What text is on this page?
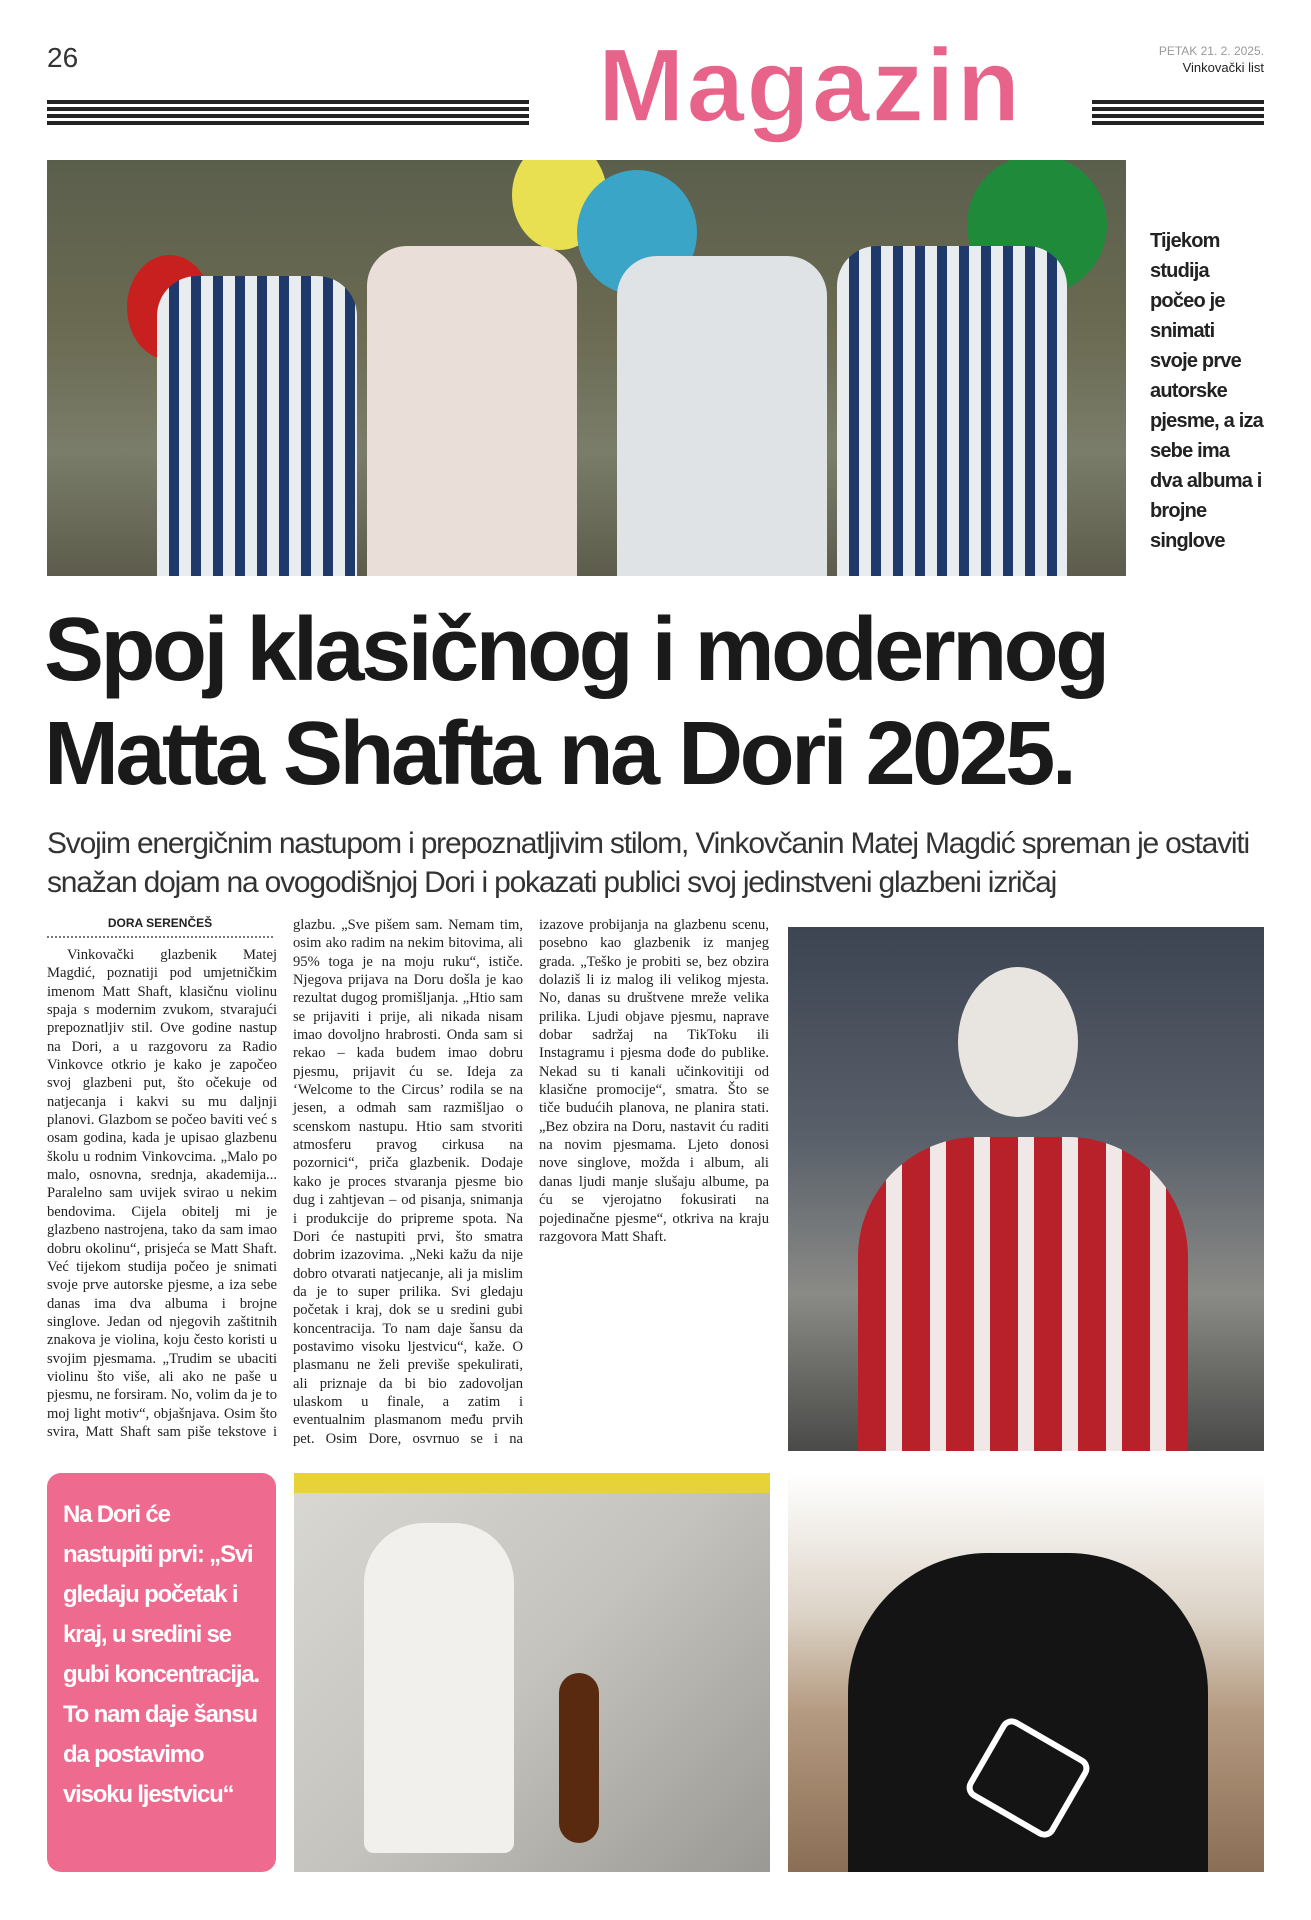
26	Magazin	PETAK 21. 2. 2025.
Vinkovački list
Tijekom studija počeo je snimati svoje prve autorske pjesme, a iza sebe ima dva albuma i brojne singlove
Spoj klasičnog i modernog Matta Shafta na Dori 2025.
Svojim energičnim nastupom i prepoznatljivim stilom, Vinkovčanin Matej Magdić spreman je ostaviti snažan dojam na ovogodišnjoj Dori i pokazati publici svoj jedinstveni glazbeni izričaj
DORA SERENČEŠ

Vinkovački glazbenik Matej Magdić, poznatiji pod umjetničkim imenom Matt Shaft, klasičnu violinu spaja s modernim zvukom, stvarajući prepoznatljiv stil. Ove godine nastup na Dori, a u razgovoru za Radio Vinkovce otkrio je kako je započeo svoj glazbeni put, što očekuje od natjecanja i kakvi su mu daljnji planovi. Glazbom se počeo baviti već s osam godina, kada je upisao glazbenu školu u rodnim Vinkovcima. „Malo po malo, osnovna, srednja, akademija... Paralelno sam uvijek svirao u nekim bendovima. Cijela obitelj mi je glazbeno nastrojena, tako da sam imao dobru okolinu“, prisjeća se Matt Shaft. Već tijekom studija počeo je snimati svoje prve autorske pjesme, a iza sebe danas ima dva albuma i brojne singlove. Jedan od njegovih zaštitnih znakova je violina, koju često koristi u svojim pjesmama. „Trudim se ubaciti violinu što više, ali ako ne paše u pjesmu, ne forsiram. No, volim da je to moj light motiv“, objašnjava. Osim što svira, Matt Shaft sam piše tekstove i glazbu. „Sve pišem sam. Nemam tim, osim ako radim na nekim bitovima, ali 95% toga je na moju ruku“, ističe. Njegova prijava na Doru došla je kao rezultat dugog promišljanja. „Htio sam se prijaviti i prije, ali nikada nisam imao dovoljno hrabrosti. Onda sam si rekao – kada budem imao dobru pjesmu, prijavit ću se. Ideja za ‘Welcome to the Circus’ rodila se na jesen, a odmah sam razmišljao o scenskom nastupu. Htio sam stvoriti atmosferu pravog cirkusa na pozornici“, priča glazbenik. Dodaje kako je proces stvaranja pjesme bio dug i zahtjevan – od pisanja, snimanja i produkcije do pripreme spota. Na Dori će nastupiti prvi, što smatra dobrim izazovima. „Neki kažu da nije dobro otvarati natjecanje, ali ja mislim da je to super prilika. Svi gledaju početak i kraj, dok se u sredini gubi koncentracija. To nam daje šansu da postavimo visoku ljestvicu“, kaže. O plasmanu ne želi previše spekulirati, ali priznaje da bi bio zadovoljan ulaskom u finale, a zatim i eventualnim plasmanom među prvih pet. Osim Dore, osvrnuo se i na izazove probijanja na glazbenu scenu, posebno kao glazbenik iz manjeg grada. „Teško je probiti se, bez obzira dolaziš li iz malog ili velikog mjesta. No, danas su društvene mreže velika prilika. Ljudi objave pjesmu, naprave dobar sadržaj na TikToku ili Instagramu i pjesma dođe do publike. Nekad su ti kanali učinkovitiji od klasične promocije“, smatra. Što se tiče budućih planova, ne planira stati. „Bez obzira na Doru, nastavit ću raditi na novim pjesmama. Ljeto donosi nove singlove, možda i album, ali danas ljudi manje slušaju albume, pa ću se vjerojatno fokusirati na pojedinačne pjesme“, otkriva na kraju razgovora Matt Shaft.

Na Dori će nastupiti prvi: „Svi gledaju početak i kraj, u sredini se gubi koncentracija. To nam daje šansu da postavimo visoku ljestvicu“
